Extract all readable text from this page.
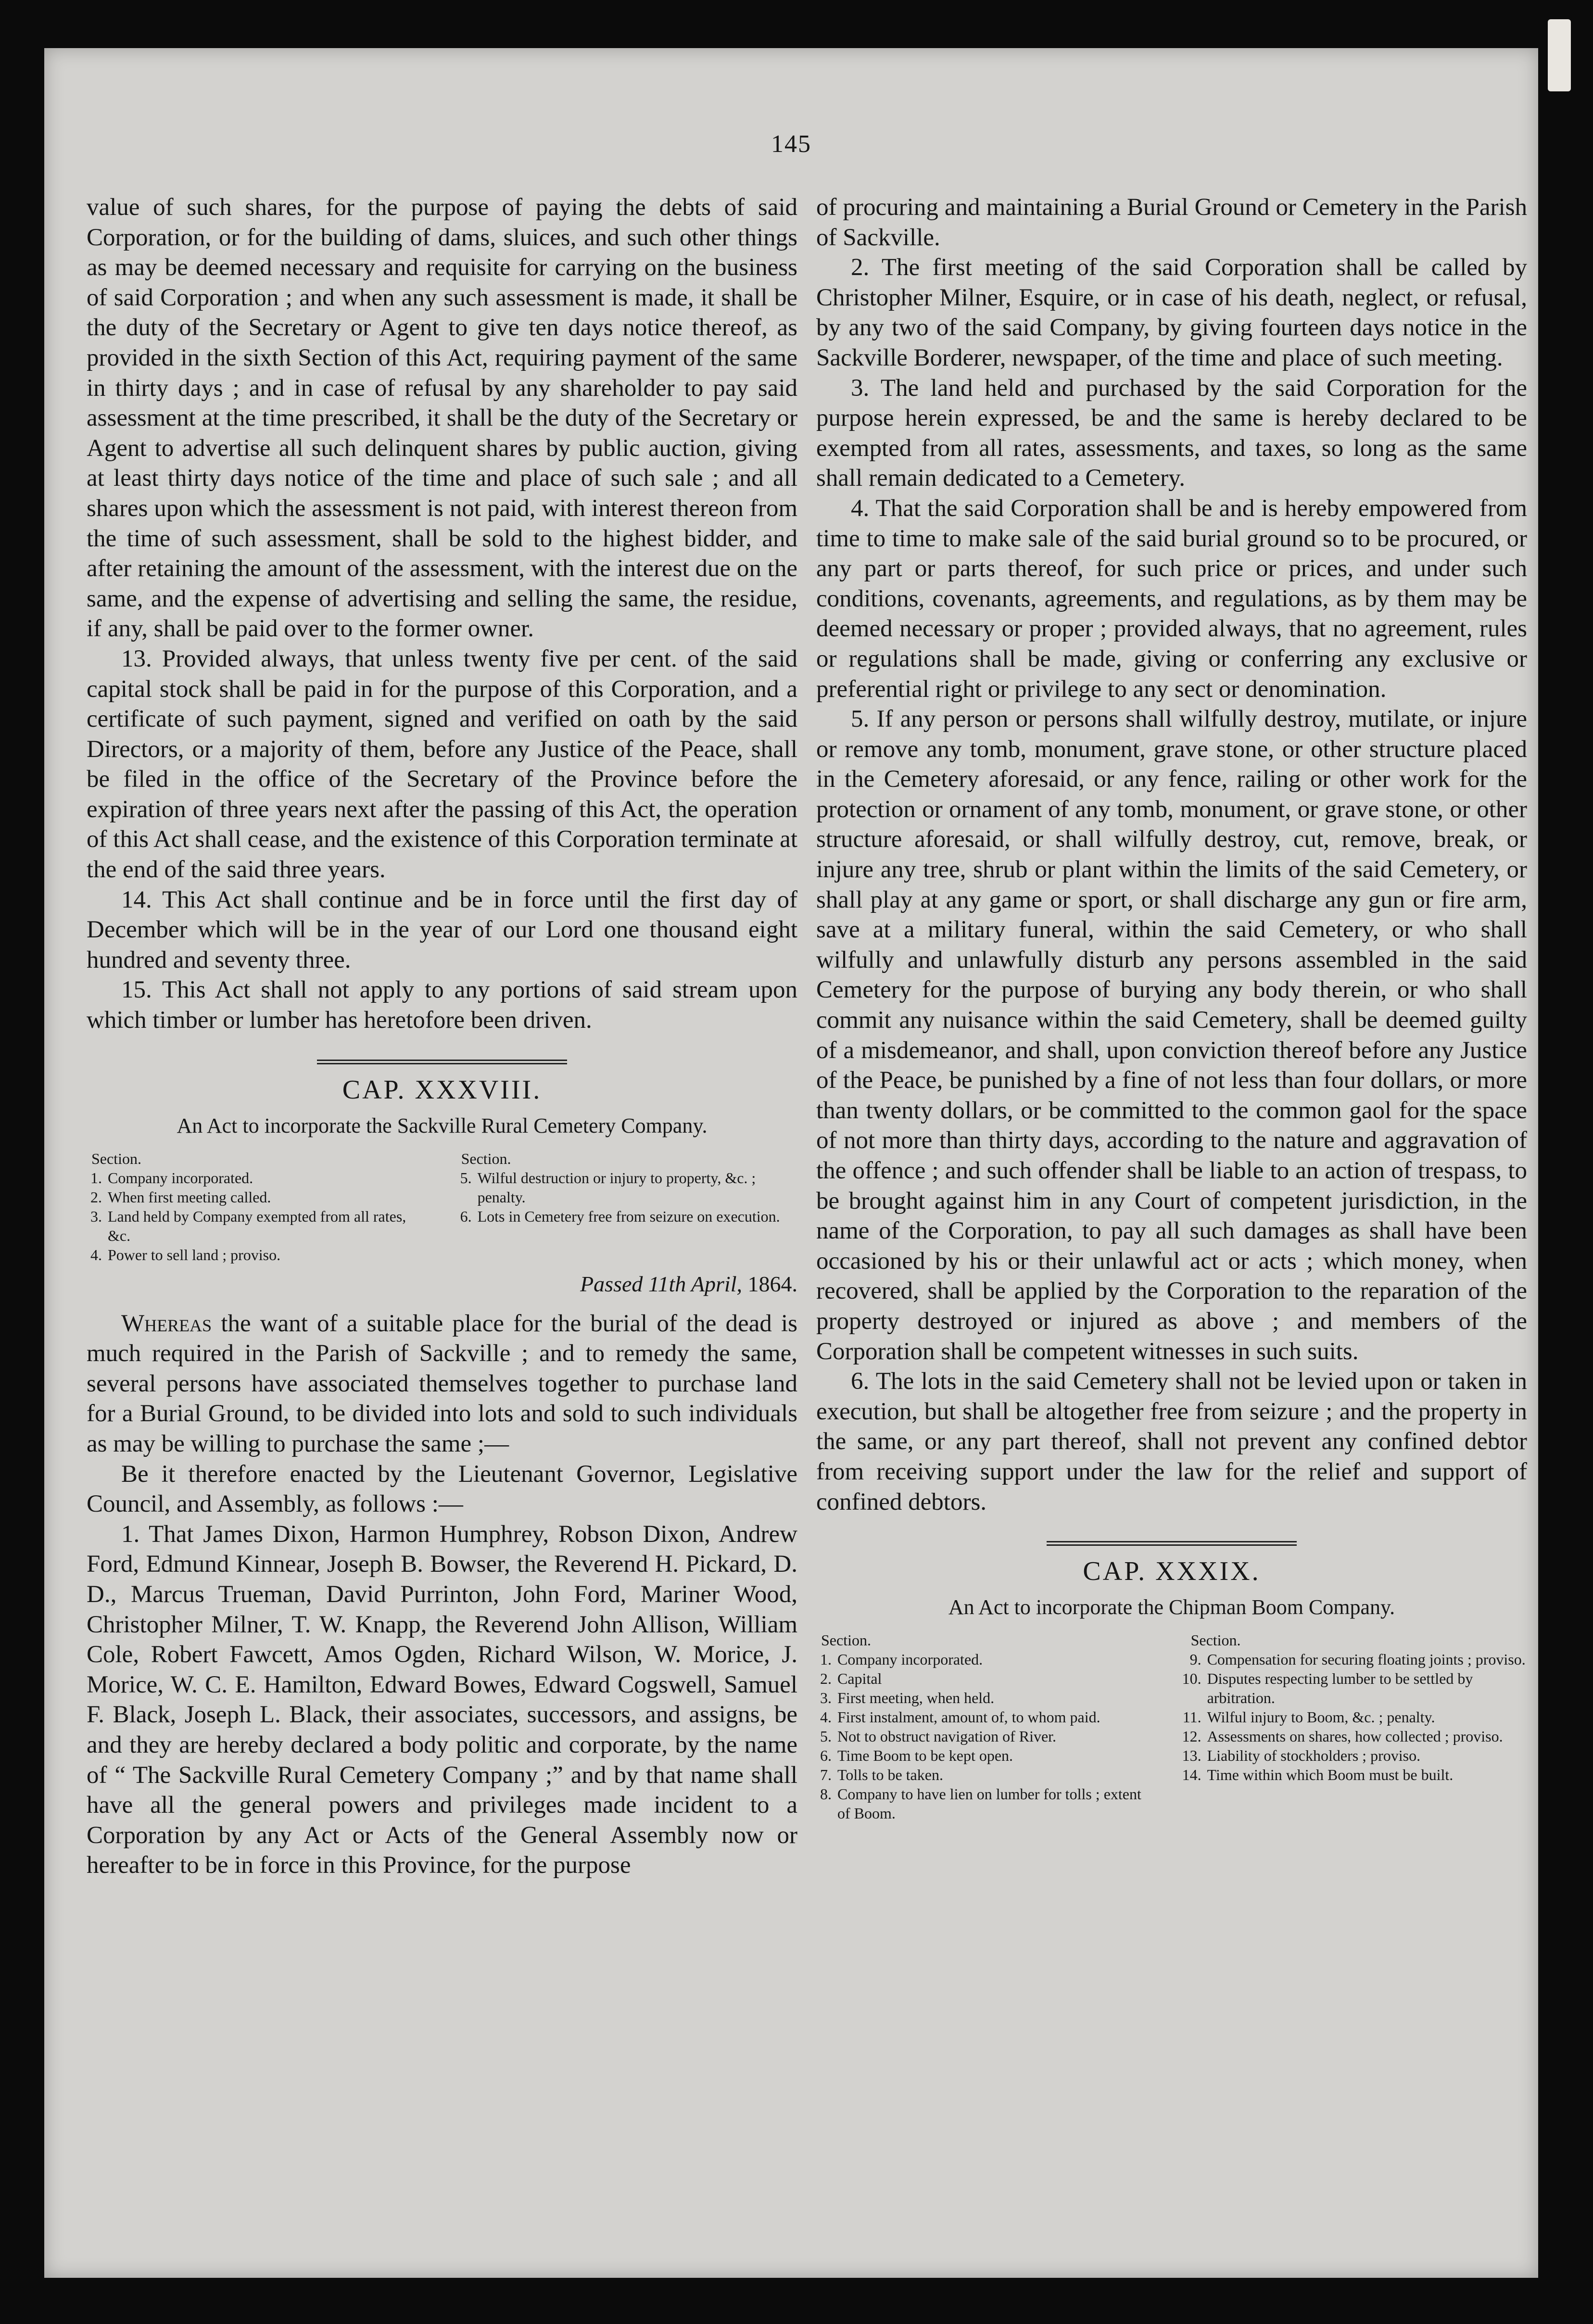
145

value of such shares, for the purpose of paying the debts of said Corporation, or for the building of dams, sluices, and such other things as may be deemed necessary and requisite for carrying on the business of said Corporation ; and when any such assessment is made, it shall be the duty of the Secretary or Agent to give ten days notice thereof, as provided in the sixth Section of this Act, requiring payment of the same in thirty days ; and in case of refusal by any shareholder to pay said assessment at the time prescribed, it shall be the duty of the Secretary or Agent to advertise all such delinquent shares by public auction, giving at least thirty days notice of the time and place of such sale ; and all shares upon which the assessment is not paid, with interest thereon from the time of such assessment, shall be sold to the highest bidder, and after retaining the amount of the assessment, with the interest due on the same, and the expense of advertising and selling the same, the residue, if any, shall be paid over to the former owner.

13. Provided always, that unless twenty five per cent. of the said capital stock shall be paid in for the purpose of this Corporation, and a certificate of such payment, signed and verified on oath by the said Directors, or a majority of them, before any Justice of the Peace, shall be filed in the office of the Secretary of the Province before the expiration of three years next after the passing of this Act, the operation of this Act shall cease, and the existence of this Corporation terminate at the end of the said three years.

14. This Act shall continue and be in force until the first day of December which will be in the year of our Lord one thousand eight hundred and seventy three.

15. This Act shall not apply to any portions of said stream upon which timber or lumber has heretofore been driven.

CAP. XXXVIII.
An Act to incorporate the Sackville Rural Cemetery Company.
Section.
1. Company incorporated.
2. When first meeting called.
3. Land held by Company exempted from all rates, &c.
4. Power to sell land ; proviso.
Section.
5. Wilful destruction or injury to property, &c. ; penalty.
6. Lots in Cemetery free from seizure on execution.
Passed 11th April, 1864.

Whereas the want of a suitable place for the burial of the dead is much required in the Parish of Sackville ; and to remedy the same, several persons have associated themselves together to purchase land for a Burial Ground, to be divided into lots and sold to such individuals as may be willing to purchase the same ;—

Be it therefore enacted by the Lieutenant Governor, Legislative Council, and Assembly, as follows :—

1. That James Dixon, Harmon Humphrey, Robson Dixon, Andrew Ford, Edmund Kinnear, Joseph B. Bowser, the Reverend H. Pickard, D. D., Marcus Trueman, David Purrinton, John Ford, Mariner Wood, Christopher Milner, T. W. Knapp, the Reverend John Allison, William Cole, Robert Fawcett, Amos Ogden, Richard Wilson, W. Morice, J. Morice, W. C. E. Hamilton, Edward Bowes, Edward Cogswell, Samuel F. Black, Joseph L. Black, their associates, successors, and assigns, be and they are hereby declared a body politic and corporate, by the name of “ The Sackville Rural Cemetery Company ;” and by that name shall have all the general powers and privileges made incident to a Corporation by any Act or Acts of the General Assembly now or hereafter to be in force in this Province, for the purpose

of procuring and maintaining a Burial Ground or Cemetery in the Parish of Sackville.

2. The first meeting of the said Corporation shall be called by Christopher Milner, Esquire, or in case of his death, neglect, or refusal, by any two of the said Company, by giving fourteen days notice in the Sackville Borderer, newspaper, of the time and place of such meeting.

3. The land held and purchased by the said Corporation for the purpose herein expressed, be and the same is hereby declared to be exempted from all rates, assessments, and taxes, so long as the same shall remain dedicated to a Cemetery.

4. That the said Corporation shall be and is hereby empowered from time to time to make sale of the said burial ground so to be procured, or any part or parts thereof, for such price or prices, and under such conditions, covenants, agreements, and regulations, as by them may be deemed necessary or proper ; provided always, that no agreement, rules or regulations shall be made, giving or conferring any exclusive or preferential right or privilege to any sect or denomination.

5. If any person or persons shall wilfully destroy, mutilate, or injure or remove any tomb, monument, grave stone, or other structure placed in the Cemetery aforesaid, or any fence, railing or other work for the protection or ornament of any tomb, monument, or grave stone, or other structure aforesaid, or shall wilfully destroy, cut, remove, break, or injure any tree, shrub or plant within the limits of the said Cemetery, or shall play at any game or sport, or shall discharge any gun or fire arm, save at a military funeral, within the said Cemetery, or who shall wilfully and unlawfully disturb any persons assembled in the said Cemetery for the purpose of burying any body therein, or who shall commit any nuisance within the said Cemetery, shall be deemed guilty of a misdemeanor, and shall, upon conviction thereof before any Justice of the Peace, be punished by a fine of not less than four dollars, or more than twenty dollars, or be committed to the common gaol for the space of not more than thirty days, according to the nature and aggravation of the offence ; and such offender shall be liable to an action of trespass, to be brought against him in any Court of competent jurisdiction, in the name of the Corporation, to pay all such damages as shall have been occasioned by his or their unlawful act or acts ; which money, when recovered, shall be applied by the Corporation to the reparation of the property destroyed or injured as above ; and members of the Corporation shall be competent witnesses in such suits.

6. The lots in the said Cemetery shall not be levied upon or taken in execution, but shall be altogether free from seizure ; and the property in the same, or any part thereof, shall not prevent any confined debtor from receiving support under the law for the relief and support of confined debtors.

CAP. XXXIX.
An Act to incorporate the Chipman Boom Company.
Section.
1. Company incorporated.
2. Capital
3. First meeting, when held.
4. First instalment, amount of, to whom paid.
5. Not to obstruct navigation of River.
6. Time Boom to be kept open.
7. Tolls to be taken.
8. Company to have lien on lumber for tolls ; extent of Boom.
Section.
9. Compensation for securing floating joints ; proviso.
10. Disputes respecting lumber to be settled by arbitration.
11. Wilful injury to Boom, &c. ; penalty.
12. Assessments on shares, how collected ; proviso.
13. Liability of stockholders ; proviso.
14. Time within which Boom must be built.
